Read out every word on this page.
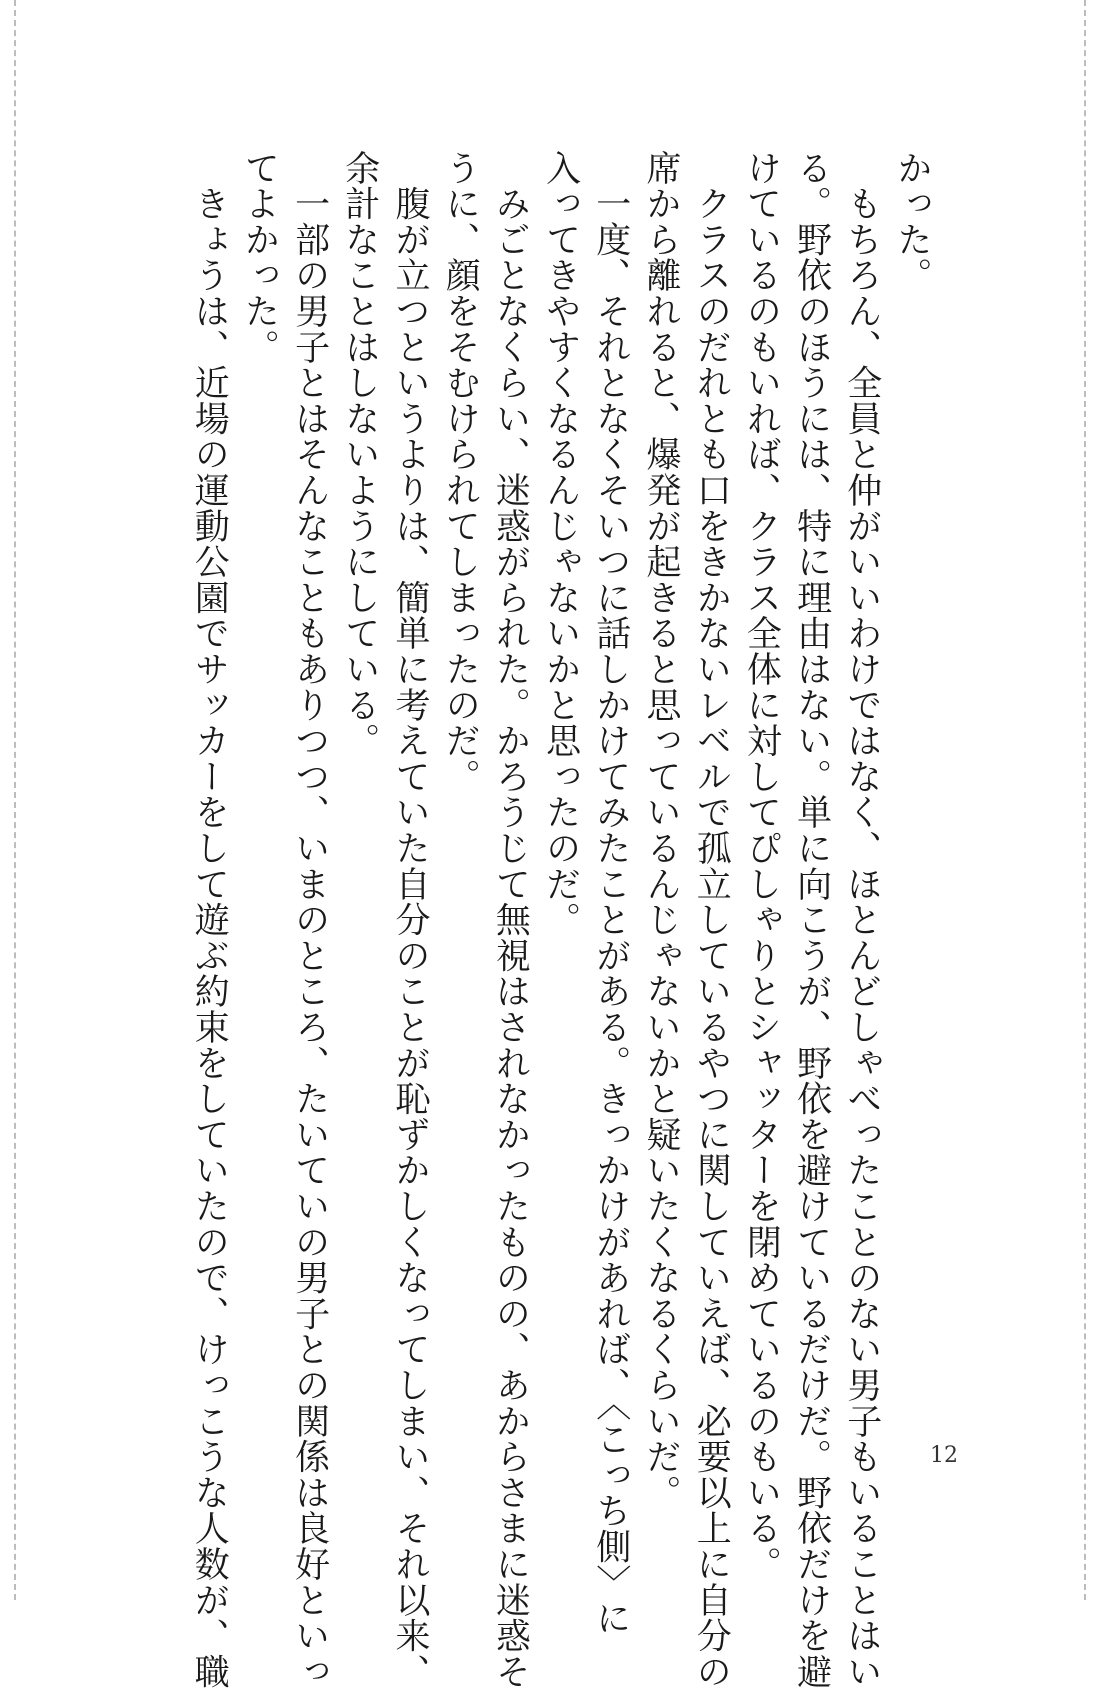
かった。
　もちろん、全員と仲がいいわけではなく、ほとんどしゃべったことのない男子もいることはい
る。野依のほうには、特に理由はない。単に向こうが、野依を避けているだけだ。野依だけを避
けているのもいれば、クラス全体に対してぴしゃりとシャッターを閉めているのもいる。
　クラスのだれとも口をきかないレベルで孤立しているやつに関していえば、必要以上に自分の
席から離れると、爆発が起きると思っているんじゃないかと疑いたくなるくらいだ。
　一度、それとなくそいつに話しかけてみたことがある。きっかけがあれば、〈こっち側〉に
入ってきやすくなるんじゃないかと思ったのだ。
　みごとなくらい、迷惑がられた。かろうじて無視はされなかったものの、あからさまに迷惑そ
うに、顔をそむけられてしまったのだ。
　腹が立つというよりは、簡単に考えていた自分のことが恥ずかしくなってしまい、それ以来、
余計なことはしないようにしている。
　一部の男子とはそんなこともありつつ、いまのところ、たいていの男子との関係は良好といっ
てよかった。
　きょうは、近場の運動公園でサッカーをして遊ぶ約束をしていたので、けっこうな人数が、職	12
